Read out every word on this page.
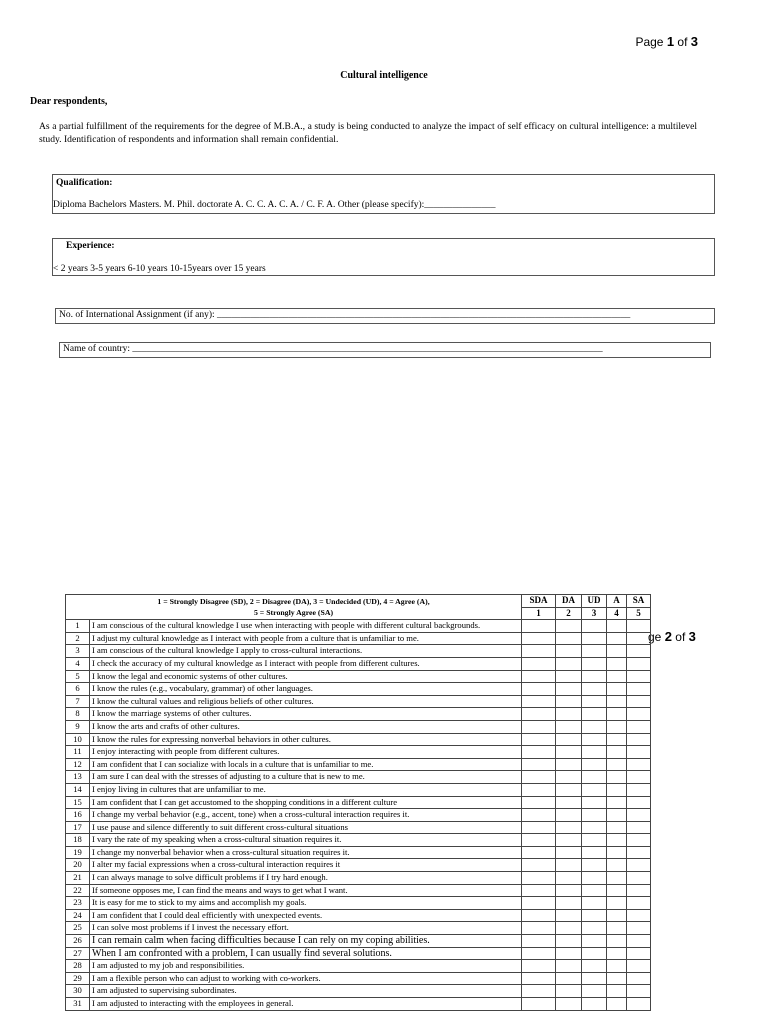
Page 1 of 3
Cultural intelligence
Dear respondents,
As a partial fulfillment of the requirements for the degree of M.B.A., a study is being conducted to analyze the impact of self efficacy on cultural intelligence: a multilevel study. Identification of respondents and information shall remain confidential.
Qualification:
Diploma Bachelors Masters. M. Phil. doctorate A. C. C. A. C. A. / C. F. A. Other (please specify):_______________
Experience:
< 2 years 3-5 years 6-10 years 10-15years over 15 years
No. of International Assignment (if any): _______________________________________________________________________________________
Name of country: ___________________________________________________________________________________________________
ge 2 of 3
1 = Strongly Disagree (SD), 2 = Disagree (DA), 3 = Undecided (UD), 4 = Agree (A),
5 = Strongly Agree (SA)		SDA	DA	UD	A	SA
		1	2	3	4	5
1	I am conscious of the cultural knowledge I use when interacting with people with different cultural backgrounds.					
2	I adjust my cultural knowledge as I interact with people from a culture that is unfamiliar to me.					
3	I am conscious of the cultural knowledge I apply to cross-cultural interactions.					
4	I check the accuracy of my cultural knowledge as I interact with people from different cultures.					
5	I know the legal and economic systems of other cultures.					
6	I know the rules (e.g., vocabulary, grammar) of other languages.					
7	I know the cultural values and religious beliefs of other cultures.					
8	I know the marriage systems of other cultures.					
9	I know the arts and crafts of other cultures.					
10	I know the rules for expressing nonverbal behaviors in other cultures.					
11	I enjoy interacting with people from different cultures.					
12	I am confident that I can socialize with locals in a culture that is unfamiliar to me.					
13	I am sure I can deal with the stresses of adjusting to a culture that is new to me.					
14	I enjoy living in cultures that are unfamiliar to me.					
15	I am confident that I can get accustomed to the shopping conditions in a different culture					
16	I change my verbal behavior (e.g., accent, tone) when a cross-cultural interaction requires it.					
17	I use pause and silence differently to suit different cross-cultural situations					
18	I vary the rate of my speaking when a cross-cultural situation requires it.					
19	I change my nonverbal behavior when a cross-cultural situation requires it.					
20	I alter my facial expressions when a cross-cultural interaction requires it					
21	I can always manage to solve difficult problems if I try hard enough.					
22	If someone opposes me, I can find the means and ways to get what I want.					
23	It is easy for me to stick to my aims and accomplish my goals.					
24	I am confident that I could deal efficiently with unexpected events.					
25	I can solve most problems if I invest the necessary effort.					
26	I can remain calm when facing difficulties because I can rely on my coping abilities.					
27	When I am confronted with a problem, I can usually find several solutions.					
28	I am adjusted to my job and responsibilities.					
29	I am a flexible person who can adjust to working with co-workers.					
30	I am adjusted to supervising subordinates.					
31	I am adjusted to interacting with the employees in general.					
